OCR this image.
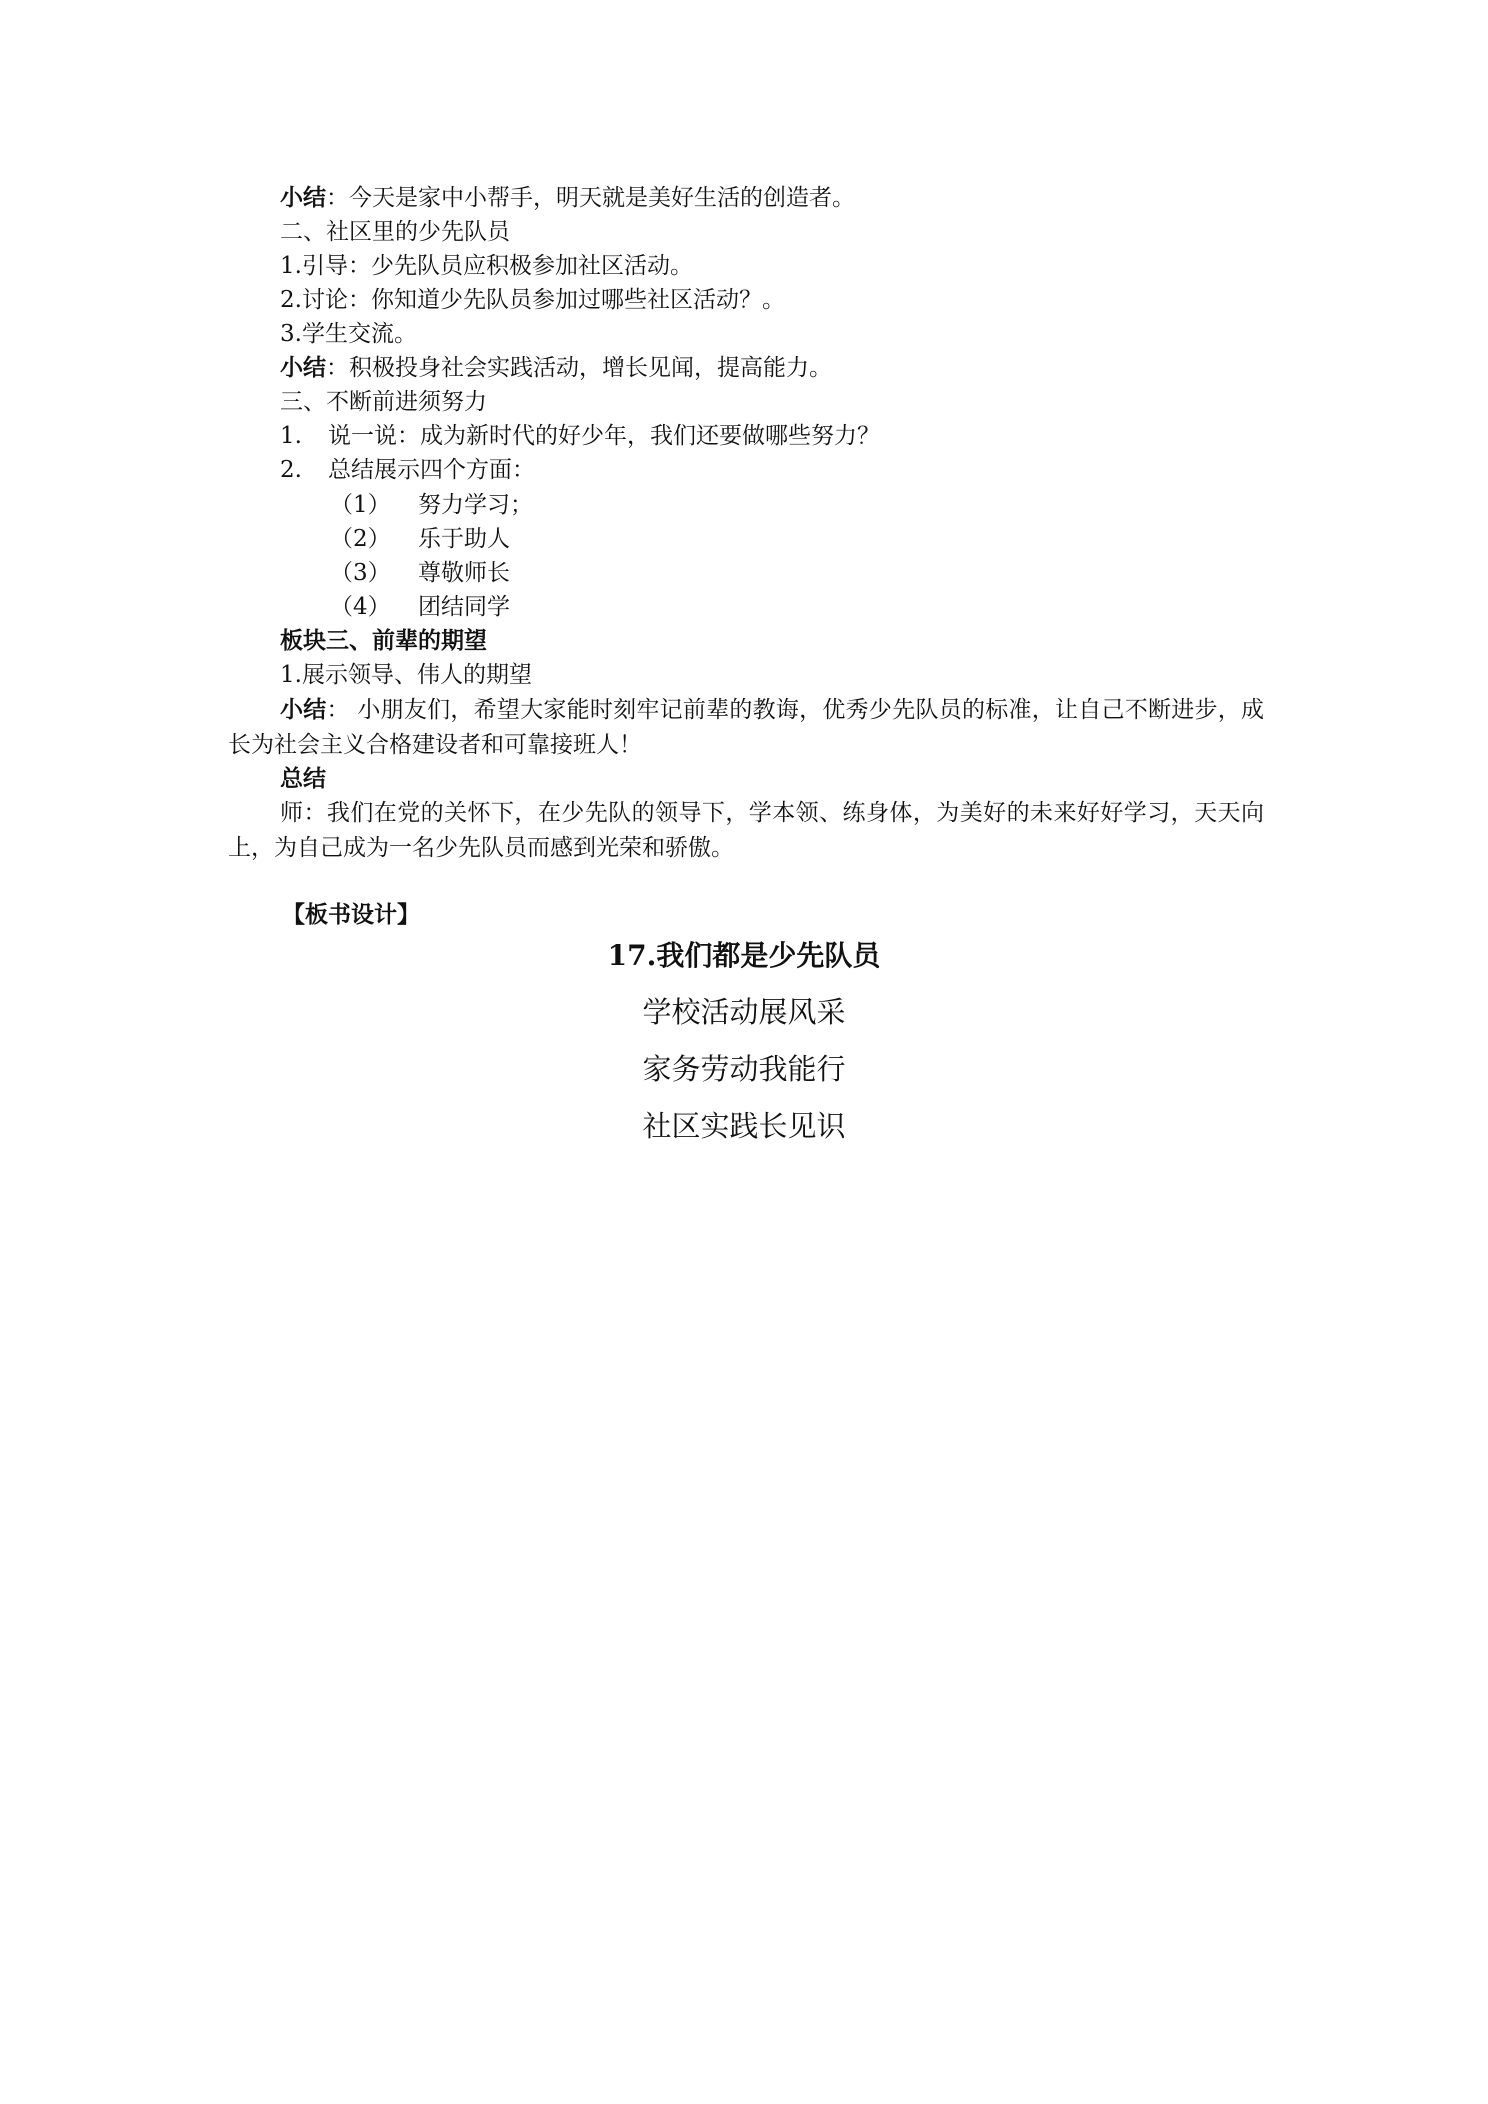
小结：今天是家中小帮手，明天就是美好生活的创造者。
二、社区里的少先队员
1.引导：少先队员应积极参加社区活动。
2.讨论：你知道少先队员参加过哪些社区活动？。
3.学生交流。
小结：积极投身社会实践活动，增长见闻，提高能力。
三、不断前进须努力
1. 说一说：成为新时代的好少年，我们还要做哪些努力？
2. 总结展示四个方面：
（1） 努力学习；
（2） 乐于助人
（3） 尊敬师长
（4） 团结同学
板块三、前辈的期望
1.展示领导、伟人的期望
小结： 小朋友们，希望大家能时刻牢记前辈的教诲，优秀少先队员的标准，让自己不断进步，成长为社会主义合格建设者和可靠接班人！
总结
师：我们在党的关怀下，在少先队的领导下，学本领、练身体，为美好的未来好好学习，天天向上，为自己成为一名少先队员而感到光荣和骄傲。
【板书设计】
17.我们都是少先队员
学校活动展风采
家务劳动我能行
社区实践长见识
